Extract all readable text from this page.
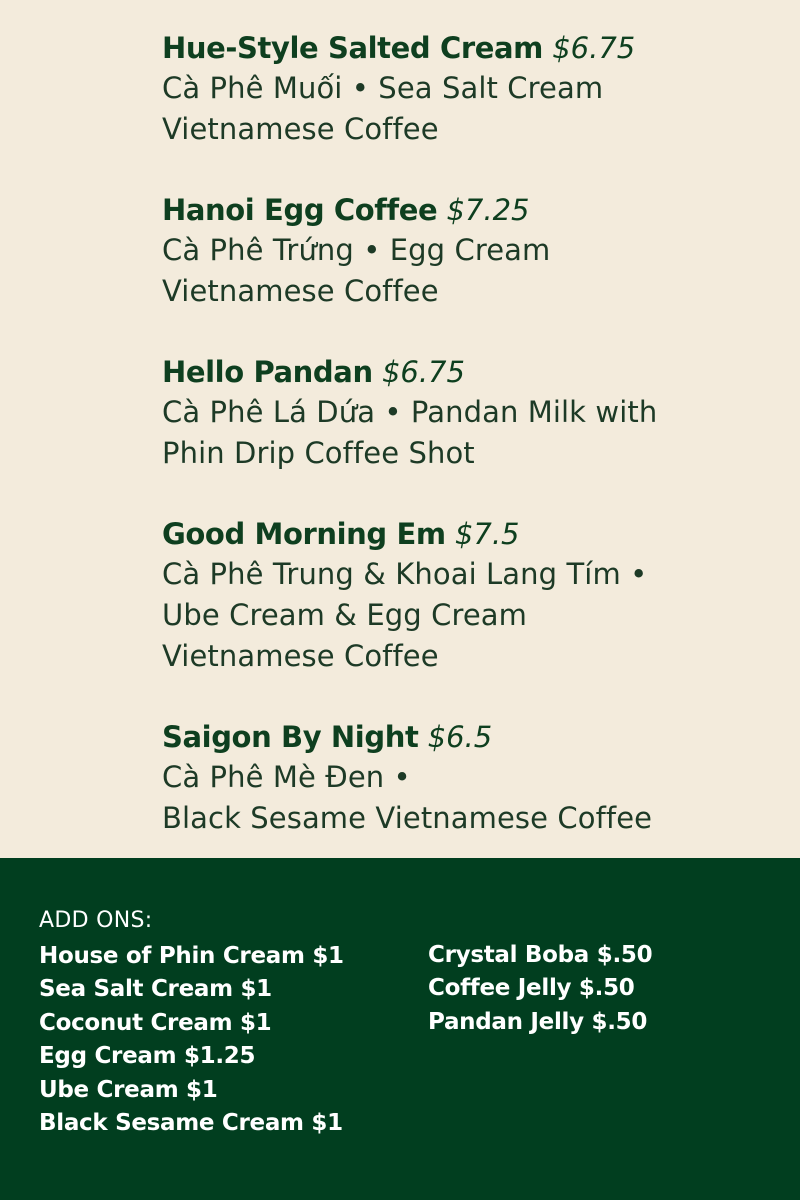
Hue-Style Salted Cream $6.75
Cà Phê Muối • Sea Salt Cream
Vietnamese Coffee
Hanoi Egg Coffee $7.25
Cà Phê Trứng • Egg Cream
Vietnamese Coffee
Hello Pandan $6.75
Cà Phê Lá Dứa • Pandan Milk with
Phin Drip Coffee Shot
Good Morning Em $7.5
Cà Phê Trung & Khoai Lang Tím •
Ube Cream & Egg Cream
Vietnamese Coffee
Saigon By Night $6.5
Cà Phê Mè Đen •
Black Sesame Vietnamese Coffee
ADD ONS:
House of Phin Cream $1
Sea Salt Cream $1
Coconut Cream $1
Egg Cream $1.25
Ube Cream $1
Black Sesame Cream $1
Crystal Boba $.50
Coffee Jelly $.50
Pandan Jelly $.50
